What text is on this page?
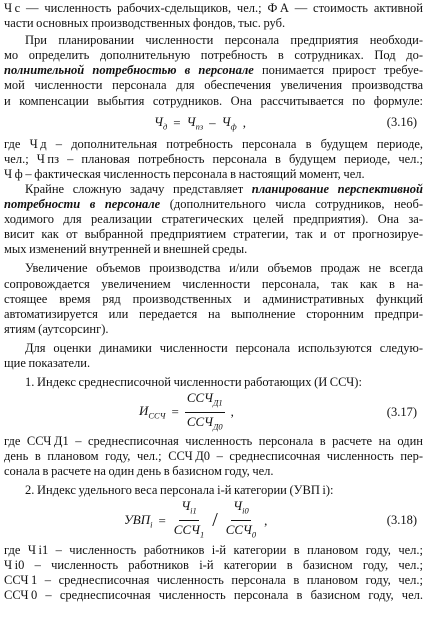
Ч с — численность рабочих-сдельщиков, чел.; Ф А — стоимость активной
части основных производственных фондов, тыс. руб.
При планировании численности персонала предприятия необходи-
мо определить дополнительную потребность в сотрудниках. Под до-
полнительной потребностью в персонале понимается прирост требуе-
мой численности персонала для обеспечения увеличения производства
и компенсации выбытия сотрудников. Она рассчитывается по формуле:
$Ч_д = Ч_{пз} - Ч_ф$ ,	(3.16)
где Ч д – дополнительная потребность персонала в будущем периоде,
чел.; Ч пз – плановая потребность персонала в будущем периоде, чел.;
Ч ф – фактическая численность персонала в настоящий момент, чел.
Крайне сложную задачу представляет планирование перспективной
потребности в персонале (дополнительного числа сотрудников, необ-
ходимого для реализации стратегических целей предприятия). Она за-
висит как от выбранной предприятием стратегии, так и от прогнозируе-
мых изменений внутренней и внешней среды.
Увеличение объемов производства и/или объемов продаж не всегда
сопровождается увеличением численности персонала, так как в на-
стоящее время ряд производственных и административных функций
автоматизируется или передается на выполнение сторонним предпри-
ятиям (аутсорсинг).
Для оценки динамики численности персонала используются следую-
щие показатели.
1. Индекс среднесписочной численности работающих (И ССЧ):
$И_{ССЧ} = \frac{ССЧ_{Д1}}{ССЧ_{Д0}}$ ,	(3.17)
где ССЧ Д1 – среднесписочная численность персонала в расчете на один
день в плановом году, чел.; ССЧ Д0 – среднесписочная численность пер-
сонала в расчете на один день в базисном году, чел.
2. Индекс удельного веса персонала i-й категории (УВП i):
$УВП_i = \frac{Ч_{i1}}{ССЧ_1} / \frac{Ч_{i0}}{ССЧ_0}$ ,	(3.18)
где Ч i1 – численность работников i-й категории в плановом году, чел.;
Ч i0 – численность работников i-й категории в базисном году, чел.;
ССЧ 1 – среднесписочная численность персонала в плановом году, чел.;
ССЧ 0 – среднесписочная численность персонала в базисном году, чел.
